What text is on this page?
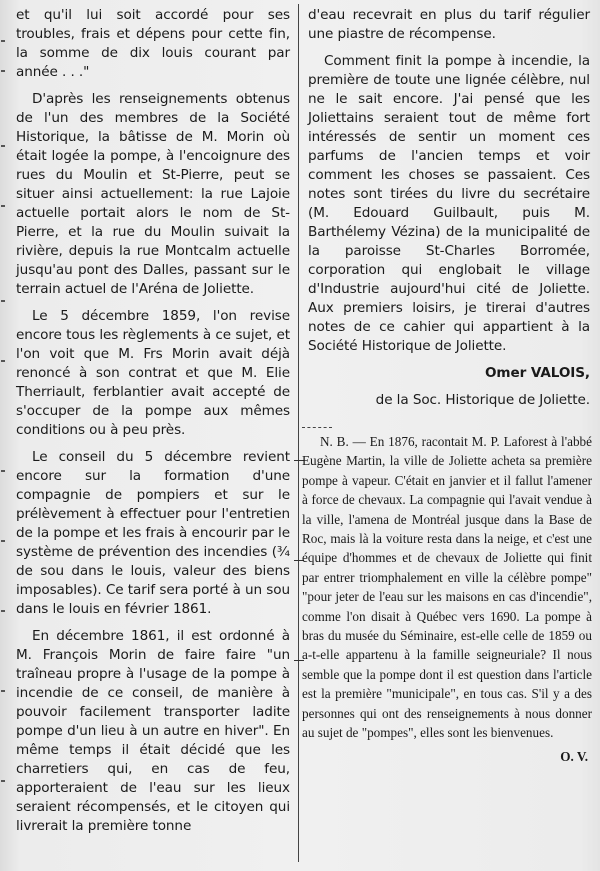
et qu'il lui soit accordé pour ses troubles, frais et dépens pour cette fin, la somme de dix louis courant par année . . ."

D'après les renseignements obtenus de l'un des membres de la Société Historique, la bâtisse de M. Morin où était logée la pompe, à l'encoignure des rues du Moulin et St-Pierre, peut se situer ainsi actuellement: la rue Lajoie actuelle portait alors le nom de St-Pierre, et la rue du Moulin suivait la rivière, depuis la rue Montcalm actuelle jusqu'au pont des Dalles, passant sur le terrain actuel de l'Aréna de Joliette.

Le 5 décembre 1859, l'on revise encore tous les règlements à ce sujet, et l'on voit que M. Frs Morin avait déjà renoncé à son contrat et que M. Elie Therriault, ferblantier avait accepté de s'occuper de la pompe aux mêmes conditions ou à peu près.

Le conseil du 5 décembre revient encore sur la formation d'une compagnie de pompiers et sur le prélèvement à effectuer pour l'entretien de la pompe et les frais à encourir par le système de prévention des incendies (¾ de sou dans le louis, valeur des biens imposables). Ce tarif sera porté à un sou dans le louis en février 1861.

En décembre 1861, il est ordonné à M. François Morin de faire faire "un traîneau propre à l'usage de la pompe à incendie de ce conseil, de manière à pouvoir facilement transporter ladite pompe d'un lieu à un autre en hiver". En même temps il était décidé que les charretiers qui, en cas de feu, apporteraient de l'eau sur les lieux seraient récompensés, et le citoyen qui livrerait la première tonne

d'eau recevrait en plus du tarif régulier une piastre de récompense.

Comment finit la pompe à incendie, la première de toute une lignée célèbre, nul ne le sait encore. J'ai pensé que les Joliettains seraient tout de même fort intéressés de sentir un moment ces parfums de l'ancien temps et voir comment les choses se passaient. Ces notes sont tirées du livre du secrétaire (M. Edouard Guilbault, puis M. Barthélemy Vézina) de la municipalité de la paroisse St-Charles Borromée, corporation qui englobait le village d'Industrie aujourd'hui cité de Joliette. Aux premiers loisirs, je tirerai d'autres notes de ce cahier qui appartient à la Société Historique de Joliette.

Omer VALOIS,

de la Soc. Historique de Joliette.

N. B. — En 1876, racontait M. P. Laforest à l'abbé Eugène Martin, la ville de Joliette acheta sa première pompe à vapeur. C'était en janvier et il fallut l'amener à force de chevaux. La compagnie qui l'avait vendue à la ville, l'amena de Montréal jusque dans la Base de Roc, mais là la voiture resta dans la neige, et c'est une équipe d'hommes et de chevaux de Joliette qui finit par entrer triomphalement en ville la célèbre pompe" "pour jeter de l'eau sur les maisons en cas d'incendie", comme l'on disait à Québec vers 1690. La pompe à bras du musée du Séminaire, est-elle celle de 1859 ou a-t-elle appartenu à la famille seigneuriale? Il nous semble que la pompe dont il est question dans l'article est la première "municipale", en tous cas. S'il y a des personnes qui ont des renseignements à nous donner au sujet de "pompes", elles sont les bienvenues.

O. V.
